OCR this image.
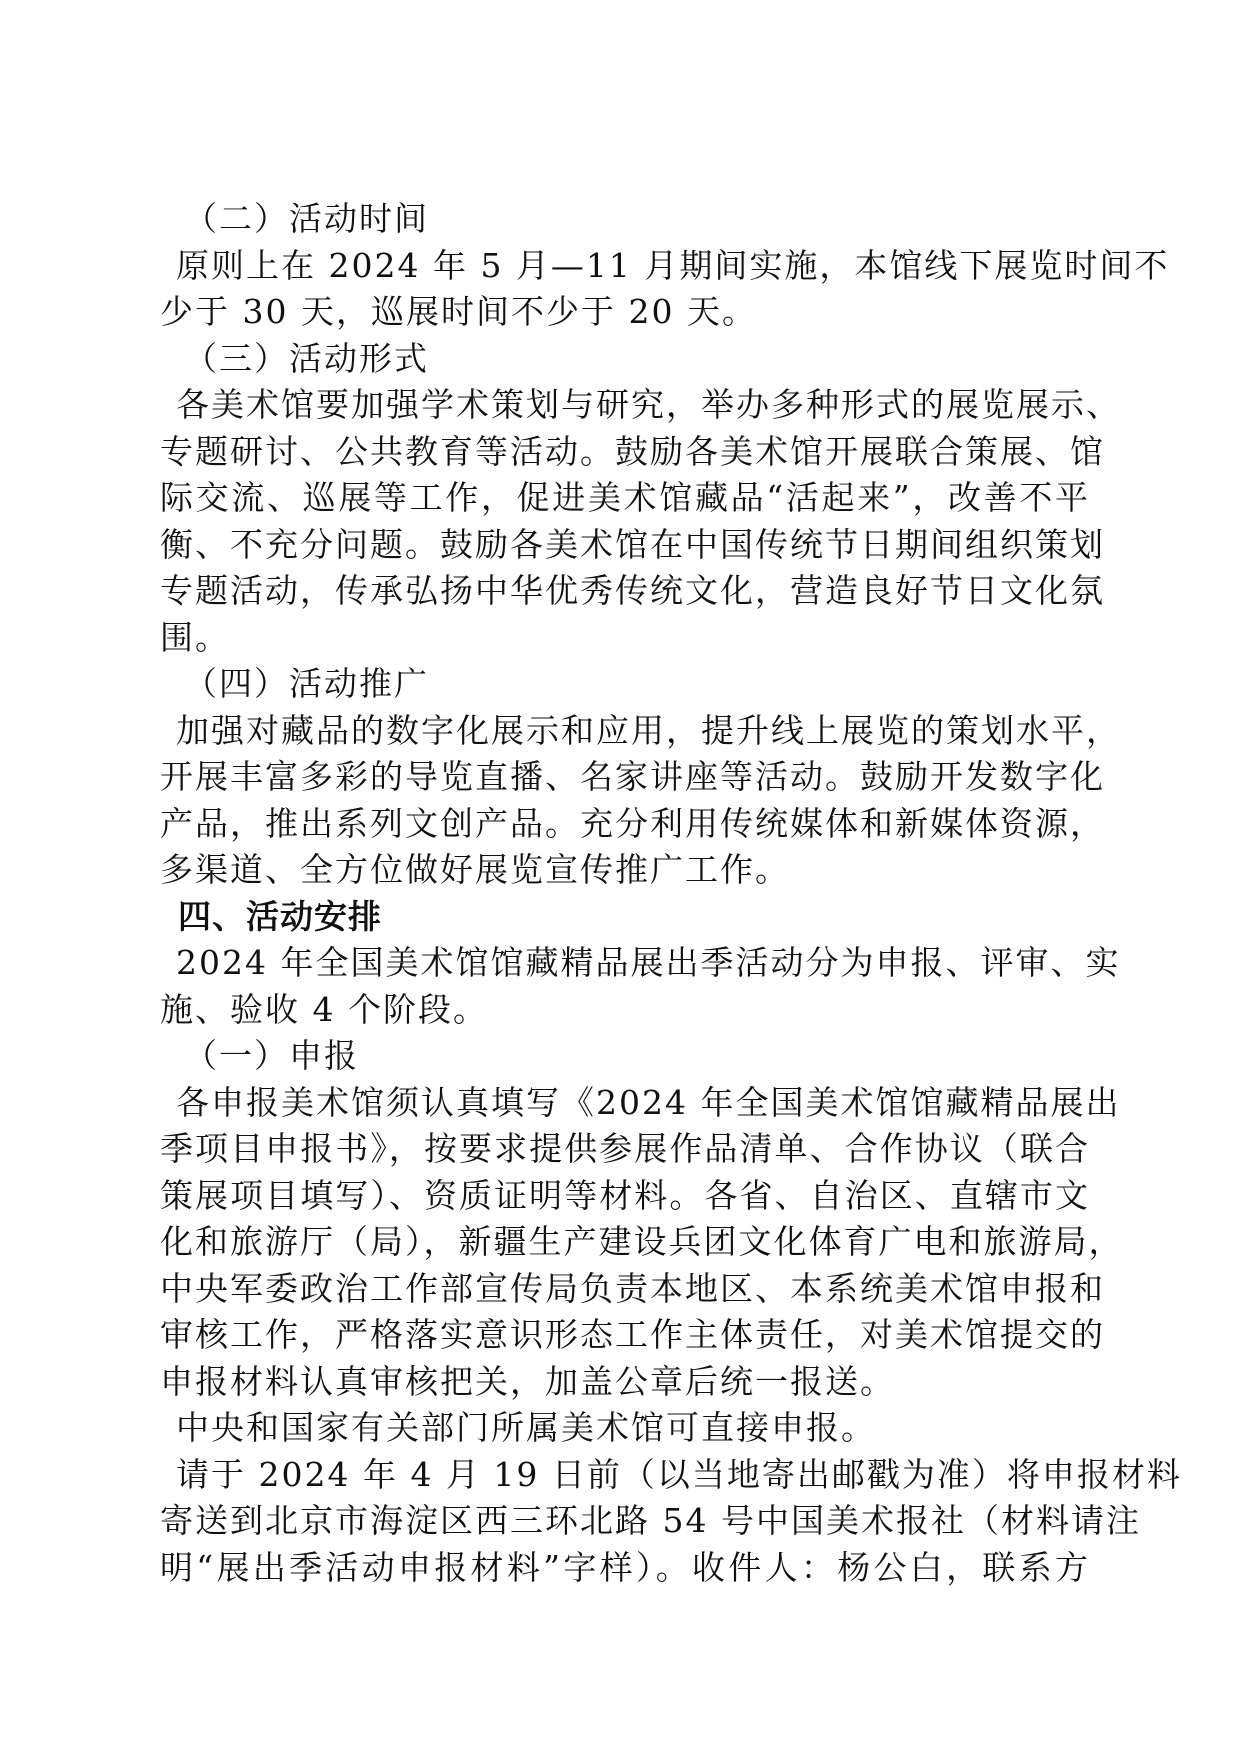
（二）活动时间
原则上在 2024 年 5 月—11 月期间实施，本馆线下展览时间不
少于 30 天，巡展时间不少于 20 天。
（三）活动形式
各美术馆要加强学术策划与研究，举办多种形式的展览展示、
专题研讨、公共教育等活动。鼓励各美术馆开展联合策展、馆
际交流、巡展等工作，促进美术馆藏品“活起来”，改善不平
衡、不充分问题。鼓励各美术馆在中国传统节日期间组织策划
专题活动，传承弘扬中华优秀传统文化，营造良好节日文化氛
围。
（四）活动推广
加强对藏品的数字化展示和应用，提升线上展览的策划水平，
开展丰富多彩的导览直播、名家讲座等活动。鼓励开发数字化
产品，推出系列文创产品。充分利用传统媒体和新媒体资源，
多渠道、全方位做好展览宣传推广工作。
四、活动安排
2024 年全国美术馆馆藏精品展出季活动分为申报、评审、实
施、验收 4 个阶段。
（一）申报
各申报美术馆须认真填写《2024 年全国美术馆馆藏精品展出
季项目申报书》，按要求提供参展作品清单、合作协议（联合
策展项目填写）、资质证明等材料。各省、自治区、直辖市文
化和旅游厅（局），新疆生产建设兵团文化体育广电和旅游局，
中央军委政治工作部宣传局负责本地区、本系统美术馆申报和
审核工作，严格落实意识形态工作主体责任，对美术馆提交的
申报材料认真审核把关，加盖公章后统一报送。
中央和国家有关部门所属美术馆可直接申报。
请于 2024 年 4 月 19 日前（以当地寄出邮戳为准）将申报材料
寄送到北京市海淀区西三环北路 54 号中国美术报社（材料请注
明“展出季活动申报材料”字样）。收件人：杨公白，联系方
